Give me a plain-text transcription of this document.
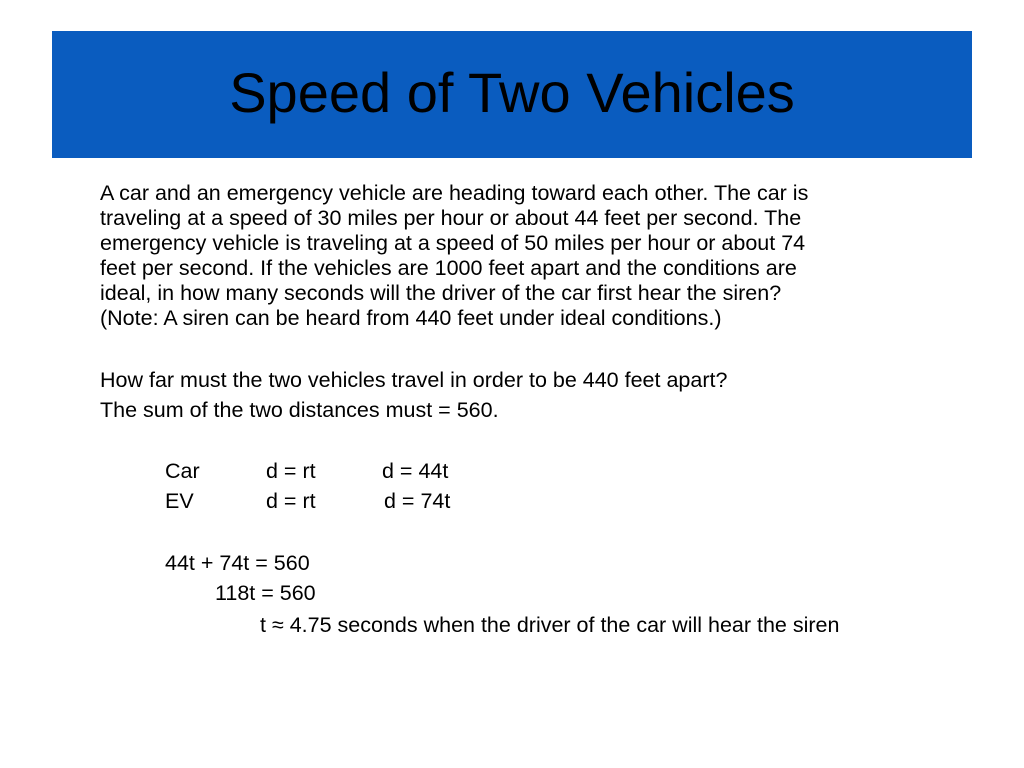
Speed of Two Vehicles

A car and an emergency vehicle are heading toward each other. The car is
traveling at a speed of 30 miles per hour or about 44 feet per second. The
emergency vehicle is traveling at a speed of 50 miles per hour or about 74
feet per second. If the vehicles are 1000 feet apart and the conditions are
ideal, in how many seconds will the driver of the car first hear the siren?
(Note: A siren can be heard from 440 feet under ideal conditions.)

How far must the two vehicles travel in order to be 440 feet apart?
The sum of the two distances must = 560.
Car	d = rt	d = 44t
EV	d = rt	d = 74t
44t + 74t = 560
118t = 560
t ≈ 4.75 seconds when the driver of the car will hear the siren
